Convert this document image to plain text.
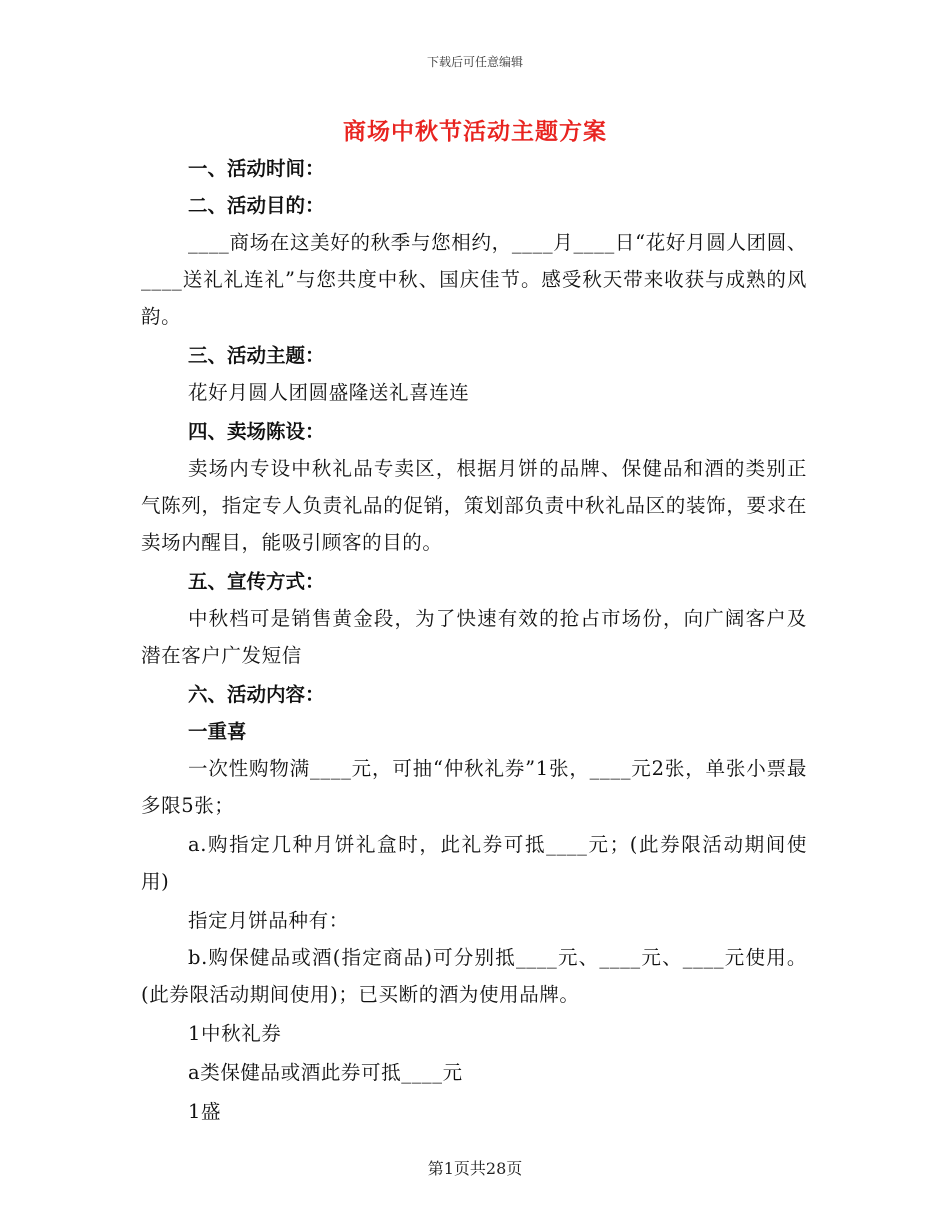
下载后可任意编辑
商场中秋节活动主题方案

一、活动时间：

二、活动目的：

____商场在这美好的秋季与您相约，____月____日“花好月圆人团圆、____送礼礼连礼”与您共度中秋、国庆佳节。感受秋天带来收获与成熟的风韵。

三、活动主题：

花好月圆人团圆盛隆送礼喜连连

四、卖场陈设：

卖场内专设中秋礼品专卖区，根据月饼的品牌、保健品和酒的类别正气陈列，指定专人负责礼品的促销，策划部负责中秋礼品区的装饰，要求在卖场内醒目，能吸引顾客的目的。

五、宣传方式：

中秋档可是销售黄金段，为了快速有效的抢占市场份，向广阔客户及潜在客户广发短信

六、活动内容：

一重喜

一次性购物满____元，可抽“仲秋礼券”1张，____元2张，单张小票最多限5张；

a.购指定几种月饼礼盒时，此礼券可抵____元；(此券限活动期间使用)

指定月饼品种有：

b.购保健品或酒(指定商品)可分别抵____元、____元、____元使用。(此券限活动期间使用)；已买断的酒为使用品牌。

1中秋礼券

a类保健品或酒此券可抵____元

1盛

第1页共28页
